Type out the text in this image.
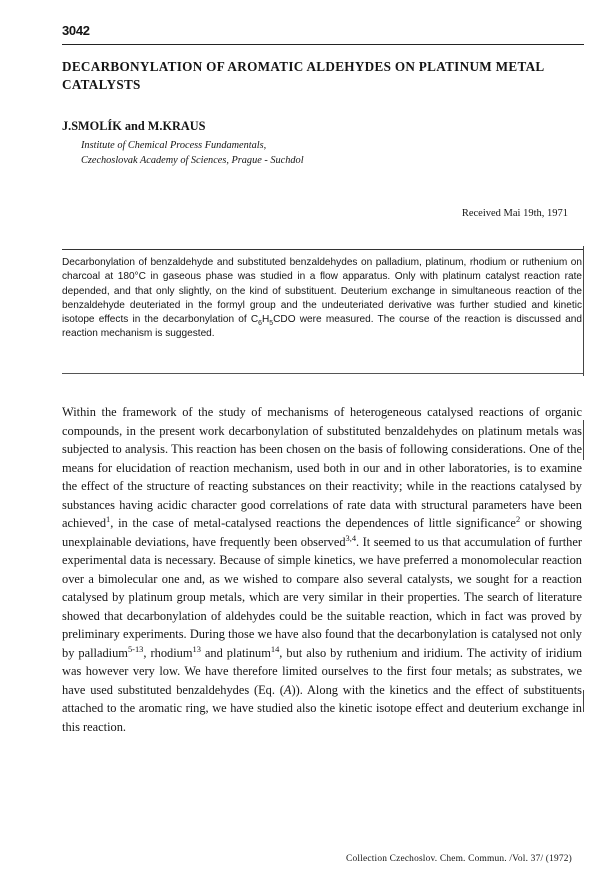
3042
DECARBONYLATION OF AROMATIC ALDEHYDES ON PLATINUM METAL CATALYSTS
J.SMOLÍK and M.KRAUS
Institute of Chemical Process Fundamentals,
Czechoslovak Academy of Sciences, Prague - Suchdol
Received Mai 19th, 1971
Decarbonylation of benzaldehyde and substituted benzaldehydes on palladium, platinum, rhodium or ruthenium on charcoal at 180°C in gaseous phase was studied in a flow apparatus. Only with platinum catalyst reaction rate depended, and that only slightly, on the kind of substituent. Deuterium exchange in simultaneous reaction of the benzaldehyde deuteriated in the formyl group and the undeuteriated derivative was further studied and kinetic isotope effects in the decarbonylation of $C_6H_5CDO$ were measured. The course of the reaction is discussed and reaction mechanism is suggested.
Within the framework of the study of mechanisms of heterogeneous catalysed reactions of organic compounds, in the present work decarbonylation of substituted benzaldehydes on platinum metals was subjected to analysis. This reaction has been chosen on the basis of following considerations. One of the means for elucidation of reaction mechanism, used both in our and in other laboratories, is to examine the effect of the structure of reacting substances on their reactivity; while in the reactions catalysed by substances having acidic character good correlations of rate data with structural parameters have been achieved$^1$, in the case of metal-catalysed reactions the dependences of little significance$^2$ or showing unexplainable deviations, have frequently been observed$^{3,4}$. It seemed to us that accumulation of further experimental data is necessary. Because of simple kinetics, we have preferred a monomolecular reaction over a bimolecular one and, as we wished to compare also several catalysts, we sought for a reaction catalysed by platinum group metals, which are very similar in their properties. The search of literature showed that decarbonylation of aldehydes could be the suitable reaction, which in fact was proved by preliminary experiments. During those we have also found that the decarbonylation is catalysed not only by palladium$^{5-13}$, rhodium$^{13}$ and platinum$^{14}$, but also by ruthenium and iridium. The activity of iridium was however very low. We have therefore limited ourselves to the first four metals; as substrates, we have used substituted benzaldehydes (Eq. (A)). Along with the kinetics and the effect of substituents attached to the aromatic ring, we have studied also the kinetic isotope effect and deuterium exchange in this reaction.
Collection Czechoslov. Chem. Commun. /Vol. 37/ (1972)
